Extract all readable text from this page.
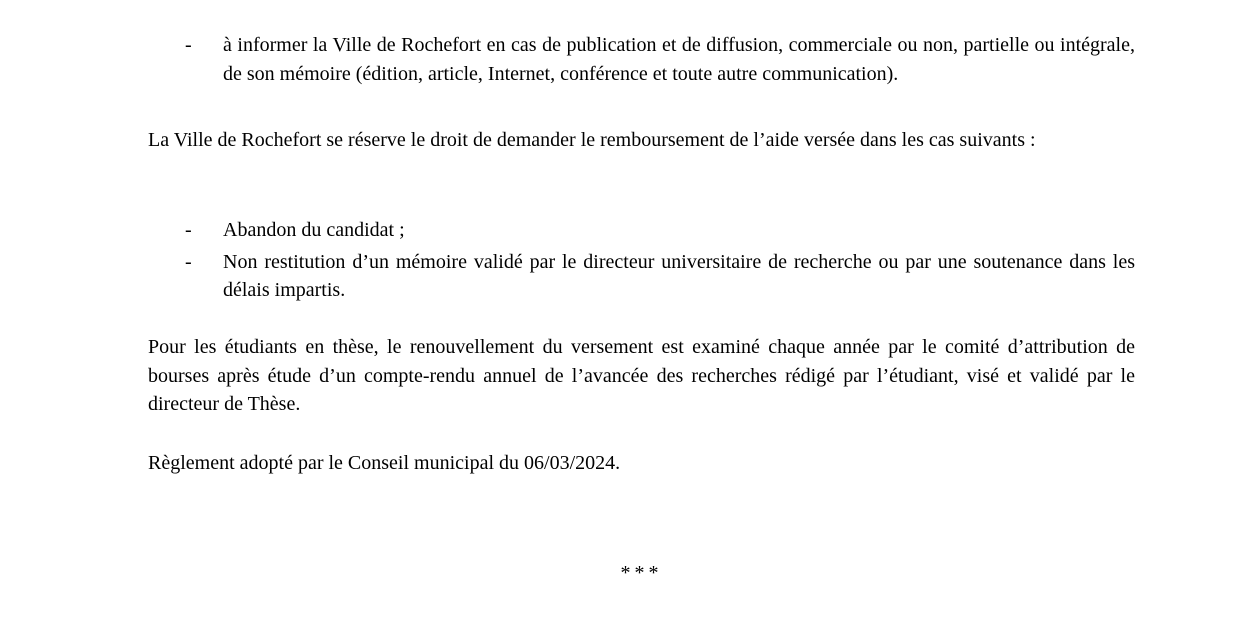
- à informer la Ville de Rochefort en cas de publication et de diffusion, commerciale ou non, partielle ou intégrale, de son mémoire (édition, article, Internet, conférence et toute autre communication).
La Ville de Rochefort se réserve le droit de demander le remboursement de l’aide versée dans les cas suivants :
- Abandon du candidat ;
- Non restitution d’un mémoire validé par le directeur universitaire de recherche ou par une soutenance dans les délais impartis.
Pour les étudiants en thèse, le renouvellement du versement est examiné chaque année par le comité d’attribution de bourses après étude d’un compte-rendu annuel de l’avancée des recherches rédigé par l’étudiant, visé et validé par le directeur de Thèse.
Règlement adopté par le Conseil municipal du 06/03/2024.
***
